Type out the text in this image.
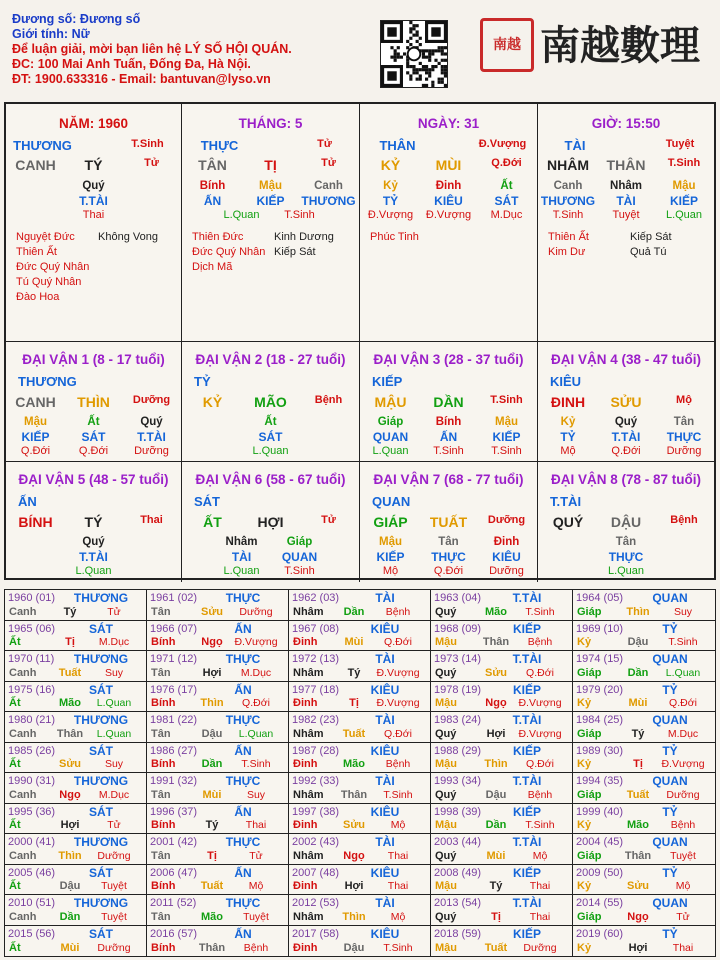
Đương số: Đương số
Giới tính: Nữ
Để luận giải, mời bạn liên hệ LÝ SỐ HỘI QUÁN.
ĐC: 100 Mai Anh Tuấn, Đống Đa, Hà Nội.
ĐT: 1900.633316 - Email: bantuvan@lyso.vn
南越 南越數理
NĂM: 1960
THƯƠNG	T.Sinh
CANH	TÝ	Tử
Quý
T.TÀI
Thai
Nguyệt Đức
Thiên Ất
Đức Quý Nhân
Tú Quý Nhân
Đào Hoa
Không Vong
THÁNG: 5
THỰC	Tử
TÂN	TỊ	Tử
Bính	Mậu	Canh
ẤN	KIẾP	THƯƠNG
L.Quan	T.Sinh
Thiên Đức
Đức Quý Nhân
Dịch Mã
Kinh Dương
Kiếp Sát
NGÀY: 31
THÂN	Đ.Vượng
KỶ	MÙI	Q.Đới
Kỷ	Đinh	Ất
TỶ	KIÊU	SÁT
Đ.Vượng	Đ.Vượng	M.Dục
Phúc Tinh
GIỜ: 15:50
TÀI	Tuyệt
NHÂM	THÂN	T.Sinh
Canh	Nhâm	Mậu
THƯƠNG	TÀI	KIẾP
T.Sinh	Tuyệt	L.Quan
Thiên Ất
Kim Dư
Kiếp Sát
Quả Tú
ĐẠI VẬN 1 (8 - 17 tuổi)
THƯƠNG
CANH	THÌN	Dưỡng
Mậu	Ất	Quý
KIẾP	SÁT	T.TÀI
Q.Đới	Q.Đới	Dưỡng
ĐẠI VẬN 2 (18 - 27 tuổi)
TỶ
KỶ	MÃO	Bệnh
Ất
SÁT
L.Quan
ĐẠI VẬN 3 (28 - 37 tuổi)
KIẾP
MẬU	DẦN	T.Sinh
Giáp	Bính	Mậu
QUAN	ẤN	KIẾP
L.Quan	T.Sinh	T.Sinh
ĐẠI VẬN 4 (38 - 47 tuổi)
KIÊU
ĐINH	SỬU	Mộ
Kỷ	Quý	Tân
TỶ	T.TÀI	THỰC
Mộ	Q.Đới	Dưỡng
ĐẠI VẬN 5 (48 - 57 tuổi)
ẤN
BÍNH	TÝ	Thai
Quý
T.TÀI
L.Quan
ĐẠI VẬN 6 (58 - 67 tuổi)
SÁT
ẤT	HỢI	Tử
Nhâm	Giáp
TÀI	QUAN
L.Quan	T.Sinh
ĐẠI VẬN 7 (68 - 77 tuổi)
QUAN
GIÁP	TUẤT	Dưỡng
Mậu	Tân	Đinh
KIẾP	THỰC	KIÊU
Mộ	Q.Đới	Dưỡng
ĐẠI VẬN 8 (78 - 87 tuổi)
T.TÀI
QUÝ	DẬU	Bệnh
Tân
THỰC
L.Quan
1960 (01)	THƯƠNG
Canh	Tý	Tử
1961 (02)	THỰC
Tân	Sửu	Dưỡng
1962 (03)	TÀI
Nhâm	Dần	Bệnh
1963 (04)	T.TÀI
Quý	Mão	T.Sinh
1964 (05)	QUAN
Giáp	Thìn	Suy
1965 (06)	SÁT
Ất	Tị	M.Dục
1966 (07)	ẤN
Bính	Ngọ	Đ.Vượng
1967 (08)	KIÊU
Đinh	Mùi	Q.Đới
1968 (09)	KIẾP
Mậu	Thân	Bệnh
1969 (10)	TỶ
Kỷ	Dậu	T.Sinh
1970 (11)	THƯƠNG
Canh	Tuất	Suy
1971 (12)	THỰC
Tân	Hợi	M.Dục
1972 (13)	TÀI
Nhâm	Tý	Đ.Vượng
1973 (14)	T.TÀI
Quý	Sửu	Q.Đới
1974 (15)	QUAN
Giáp	Dần	L.Quan
1975 (16)	SÁT
Ất	Mão	L.Quan
1976 (17)	ẤN
Bính	Thìn	Q.Đới
1977 (18)	KIÊU
Đinh	Tị	Đ.Vượng
1978 (19)	KIẾP
Mậu	Ngọ	Đ.Vượng
1979 (20)	TỶ
Kỷ	Mùi	Q.Đới
1980 (21)	THƯƠNG
Canh	Thân	L.Quan
1981 (22)	THỰC
Tân	Dậu	L.Quan
1982 (23)	TÀI
Nhâm	Tuất	Q.Đới
1983 (24)	T.TÀI
Quý	Hợi	Đ.Vượng
1984 (25)	QUAN
Giáp	Tý	M.Dục
1985 (26)	SÁT
Ất	Sửu	Suy
1986 (27)	ẤN
Bính	Dần	T.Sinh
1987 (28)	KIÊU
Đinh	Mão	Bệnh
1988 (29)	KIẾP
Mậu	Thìn	Q.Đới
1989 (30)	TỶ
Kỷ	Tị	Đ.Vượng
1990 (31)	THƯƠNG
Canh	Ngọ	M.Dục
1991 (32)	THỰC
Tân	Mùi	Suy
1992 (33)	TÀI
Nhâm	Thân	T.Sinh
1993 (34)	T.TÀI
Quý	Dậu	Bệnh
1994 (35)	QUAN
Giáp	Tuất	Dưỡng
1995 (36)	SÁT
Ất	Hợi	Tử
1996 (37)	ẤN
Bính	Tý	Thai
1997 (38)	KIÊU
Đinh	Sửu	Mộ
1998 (39)	KIẾP
Mậu	Dần	T.Sinh
1999 (40)	TỶ
Kỷ	Mão	Bệnh
2000 (41)	THƯƠNG
Canh	Thìn	Dưỡng
2001 (42)	THỰC
Tân	Tị	Tử
2002 (43)	TÀI
Nhâm	Ngọ	Thai
2003 (44)	T.TÀI
Quý	Mùi	Mộ
2004 (45)	QUAN
Giáp	Thân	Tuyệt
2005 (46)	SÁT
Ất	Dậu	Tuyệt
2006 (47)	ẤN
Bính	Tuất	Mộ
2007 (48)	KIÊU
Đinh	Hợi	Thai
2008 (49)	KIẾP
Mậu	Tý	Thai
2009 (50)	TỶ
Kỷ	Sửu	Mộ
2010 (51)	THƯƠNG
Canh	Dần	Tuyệt
2011 (52)	THỰC
Tân	Mão	Tuyệt
2012 (53)	TÀI
Nhâm	Thìn	Mộ
2013 (54)	T.TÀI
Quý	Tị	Thai
2014 (55)	QUAN
Giáp	Ngọ	Tử
2015 (56)	SÁT
Ất	Mùi	Dưỡng
2016 (57)	ẤN
Bính	Thân	Bệnh
2017 (58)	KIÊU
Đinh	Dậu	T.Sinh
2018 (59)	KIẾP
Mậu	Tuất	Dưỡng
2019 (60)	TỶ
Kỷ	Hợi	Thai
